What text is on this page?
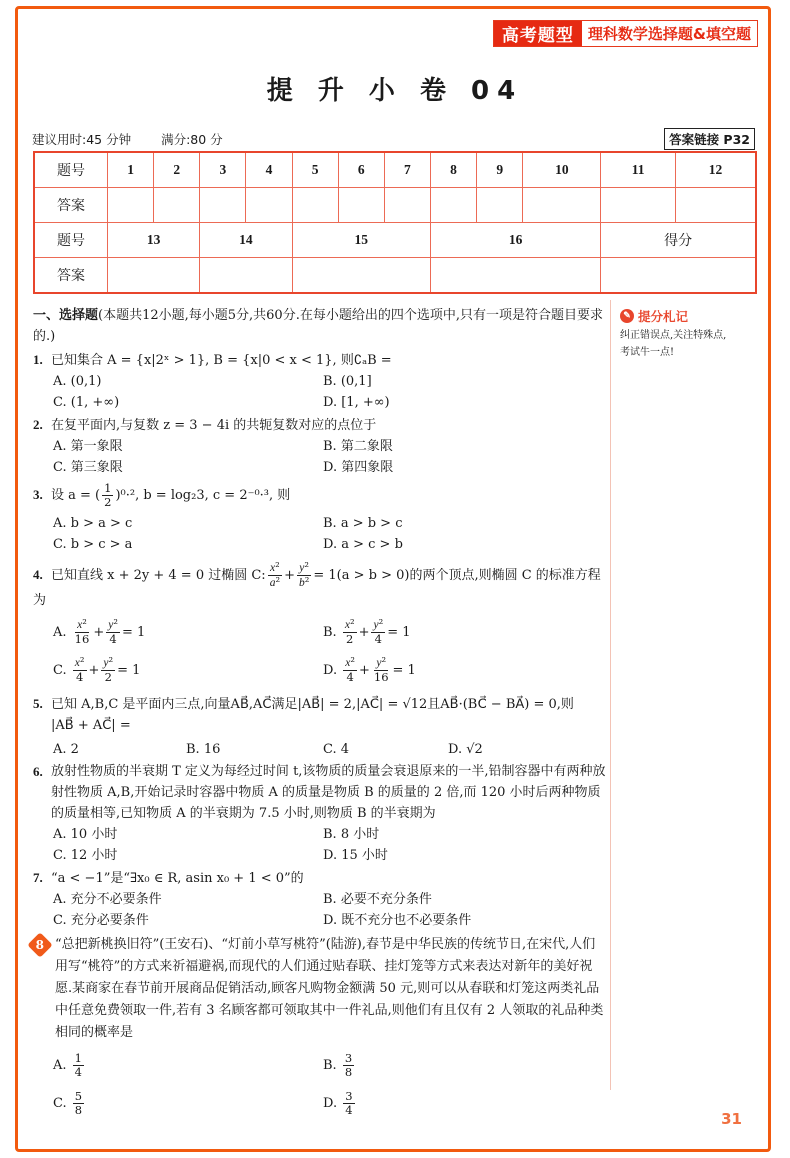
高考题型 理科数学选择题&填空题
提 升 小 卷 04
建议用时:45 分钟 满分:80 分	答案链接 P32
题号	1	2	3	4	5	6	7	8	9	10	11	12
答案												
题号	13		14		15			16			得分	
答案												
✎ 提分札记
纠正错误点,关注特殊点,
考试牛一点!
一、选择题(本题共12小题,每小题5分,共60分.在每小题给出的四个选项中,只有一项是符合题目要求的.)
1. 已知集合 A = {x|2ˣ > 1}, B = {x|0 < x < 1}, 则∁ₐB =
A. (0,1)	B. (0,1]
C. (1, +∞)	D. [1, +∞)
2. 在复平面内,与复数 z = 3 − 4i 的共轭复数对应的点位于
A. 第一象限	B. 第二象限
C. 第三象限	D. 第四象限
3. 设 a = ( $\frac{1}{2} )^0\cdot^2$, b = log₂3, c = 2⁻⁰·³, 则
A. b > a > c	B. a > b > c
C. b > c > a	D. a > c > b
4. 已知直线 x + 2y + 4 = 0 过椭圆 C: $\frac{\text{x²}}{\text{a²}} + \frac{\text{y²}}{\text{b²}} = 1(a > b > 0)$的两个顶点,则椭圆 C 的标准方程为
A.
$\frac{\text{x²}}{16} + \frac{\text{y²}}{4} = 1$	B.
$\frac{\text{x²}}{2} + \frac{\text{y²}}{4} = 1$
C.
$\frac{\text{x²}}{4} + \frac{\text{y²}}{2} = 1$	D.
$\frac{\text{x²}}{4} + \frac{\text{y²}}{16} = 1$
5. 已知 A,B,C 是平面内三点,向量AB⃗,AC⃗满足|AB⃗| = 2,|AC⃗| = √12且AB⃗·(BC⃗ − BA⃗) = 0,则
|AB⃗ + AC⃗| =
A. 2	B. 16	C. 4	D. √2
6. 放射性物质的半衰期 T 定义为每经过时间 t,该物质的质量会衰退原来的一半,铅制容器中有两种放射性物质 A,B,开始记录时容器中物质 A 的质量是物质 B 的质量的 2 倍,而 120 小时后两种物质的质量相等,已知物质 A 的半衰期为 7.5 小时,则物质 B 的半衰期为
A. 10 小时	B. 8 小时
C. 12 小时	D. 15 小时
7. “a < −1”是“∃x₀ ∈ R, asin x₀ + 1 < 0”的
A. 充分不必要条件	B. 必要不充分条件
C. 充分必要条件	D. 既不充分也不必要条件
8 “总把新桃换旧符”(王安石)、“灯前小草写桃符”(陆游),春节是中华民族的传统节日,在宋代,人们用写“桃符”的方式来祈福避祸,而现代的人们通过贴春联、挂灯笼等方式来表达对新年的美好祝愿.某商家在春节前开展商品促销活动,顾客凡购物金额满 50 元,则可以从春联和灯笼这两类礼品中任意免费领取一件,若有 3 名顾客都可领取其中一件礼品,则他们有且仅有 2 人领取的礼品种类相同的概率是
A.
$\frac{1}{4}$	B.
$\frac{3}{8}$
C.
$\frac{5}{8}$	D.
$\frac{3}{4}$
31
